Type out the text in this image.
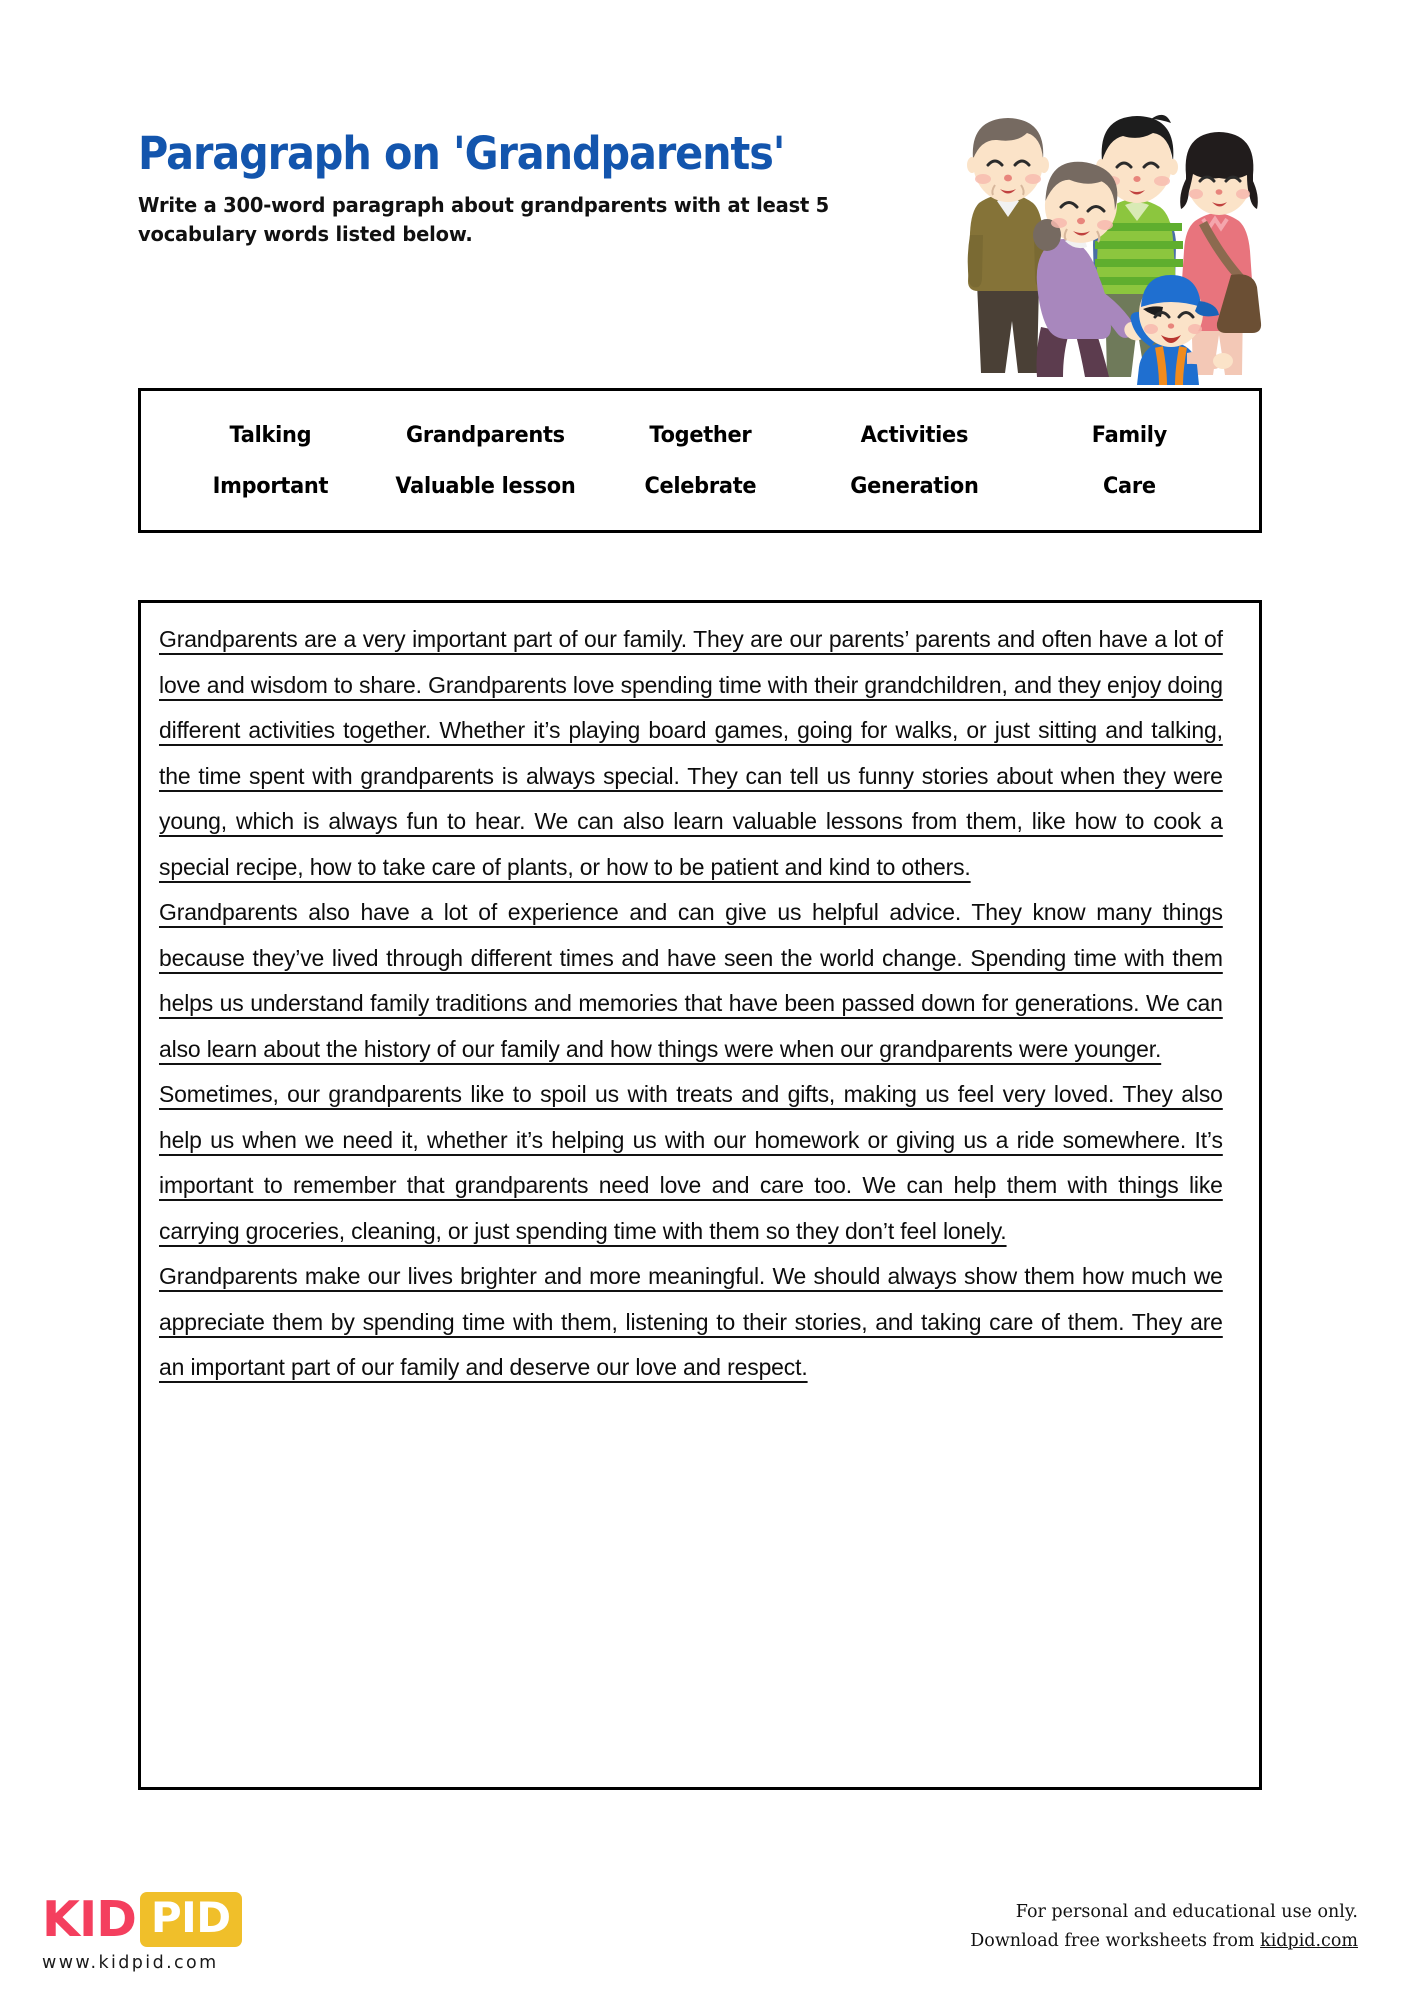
Paragraph on 'Grandparents'
Write a 300-word paragraph about grandparents with at least 5 vocabulary words listed below.
Talking	Grandparents	Together	Activities	Family
Important	Valuable lesson	Celebrate	Generation	Care

Grandparents are a very important part of our family. They are our parents’ parents and often have a lot of love and wisdom to share. Grandparents love spending time with their grandchildren, and they enjoy doing different activities together. Whether it’s playing board games, going for walks, or just sitting and talking, the time spent with grandparents is always special. They can tell us funny stories about when they were young, which is always fun to hear. We can also learn valuable lessons from them, like how to cook a special recipe, how to take care of plants, or how to be patient and kind to others.

Grandparents also have a lot of experience and can give us helpful advice. They know many things because they’ve lived through different times and have seen the world change. Spending time with them helps us understand family traditions and memories that have been passed down for generations. We can also learn about the history of our family and how things were when our grandparents were younger.

Sometimes, our grandparents like to spoil us with treats and gifts, making us feel very loved. They also help us when we need it, whether it’s helping us with our homework or giving us a ride somewhere. It’s important to remember that grandparents need love and care too. We can help them with things like carrying groceries, cleaning, or just spending time with them so they don’t feel lonely.

Grandparents make our lives brighter and more meaningful. We should always show them how much we appreciate them by spending time with them, listening to their stories, and taking care of them. They are an important part of our family and deserve our love and respect.

KID PID
www.kidpid.com
For personal and educational use only.
Download free worksheets from kidpid.com
